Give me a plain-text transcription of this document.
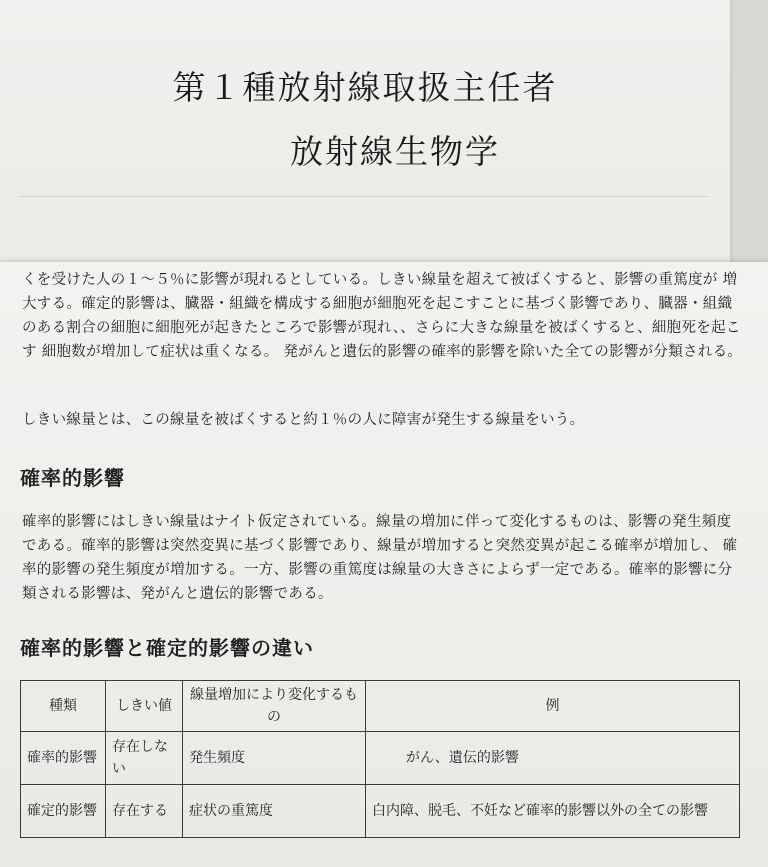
第１種放射線取扱主任者
放射線生物学
くを受けた人の１～５％に影響が現れるとしている。しきい線量を超えて被ばくすると、影響の重篤度が 増大する。確定的影響は、臓器・組織を構成する細胞が細胞死を起こすことに基づく影響であり、臓器・組織のある割合の細胞に細胞死が起きたところで影響が現れ、、さらに大きな線量を被ばくすると、細胞死を起こす 細胞数が増加して症状は重くなる。 発がんと遺伝的影響の確率的影響を除いた全ての影響が分類される。
しきい線量とは、この線量を被ばくすると約１％の人に障害が発生する線量をいう。
確率的影響
確率的影響にはしきい線量はナイト仮定されている。線量の増加に伴って変化するものは、影響の発生頻度である。確率的影響は突然変異に基づく影響であり、線量が増加すると突然変異が起こる確率が増加し、 確率的影響の発生頻度が増加する。一方、影響の重篤度は線量の大きさによらず一定である。確率的影響に分類される影響は、発がんと遺伝的影響である。
確率的影響と確定的影響の違い
種類	しきい値	線量増加により変化するもの	例
確率的影響	存在しない	発生頻度	がん、遺伝的影響
確定的影響	存在する	症状の重篤度	白内障、脱毛、不妊など確率的影響以外の全ての影響
